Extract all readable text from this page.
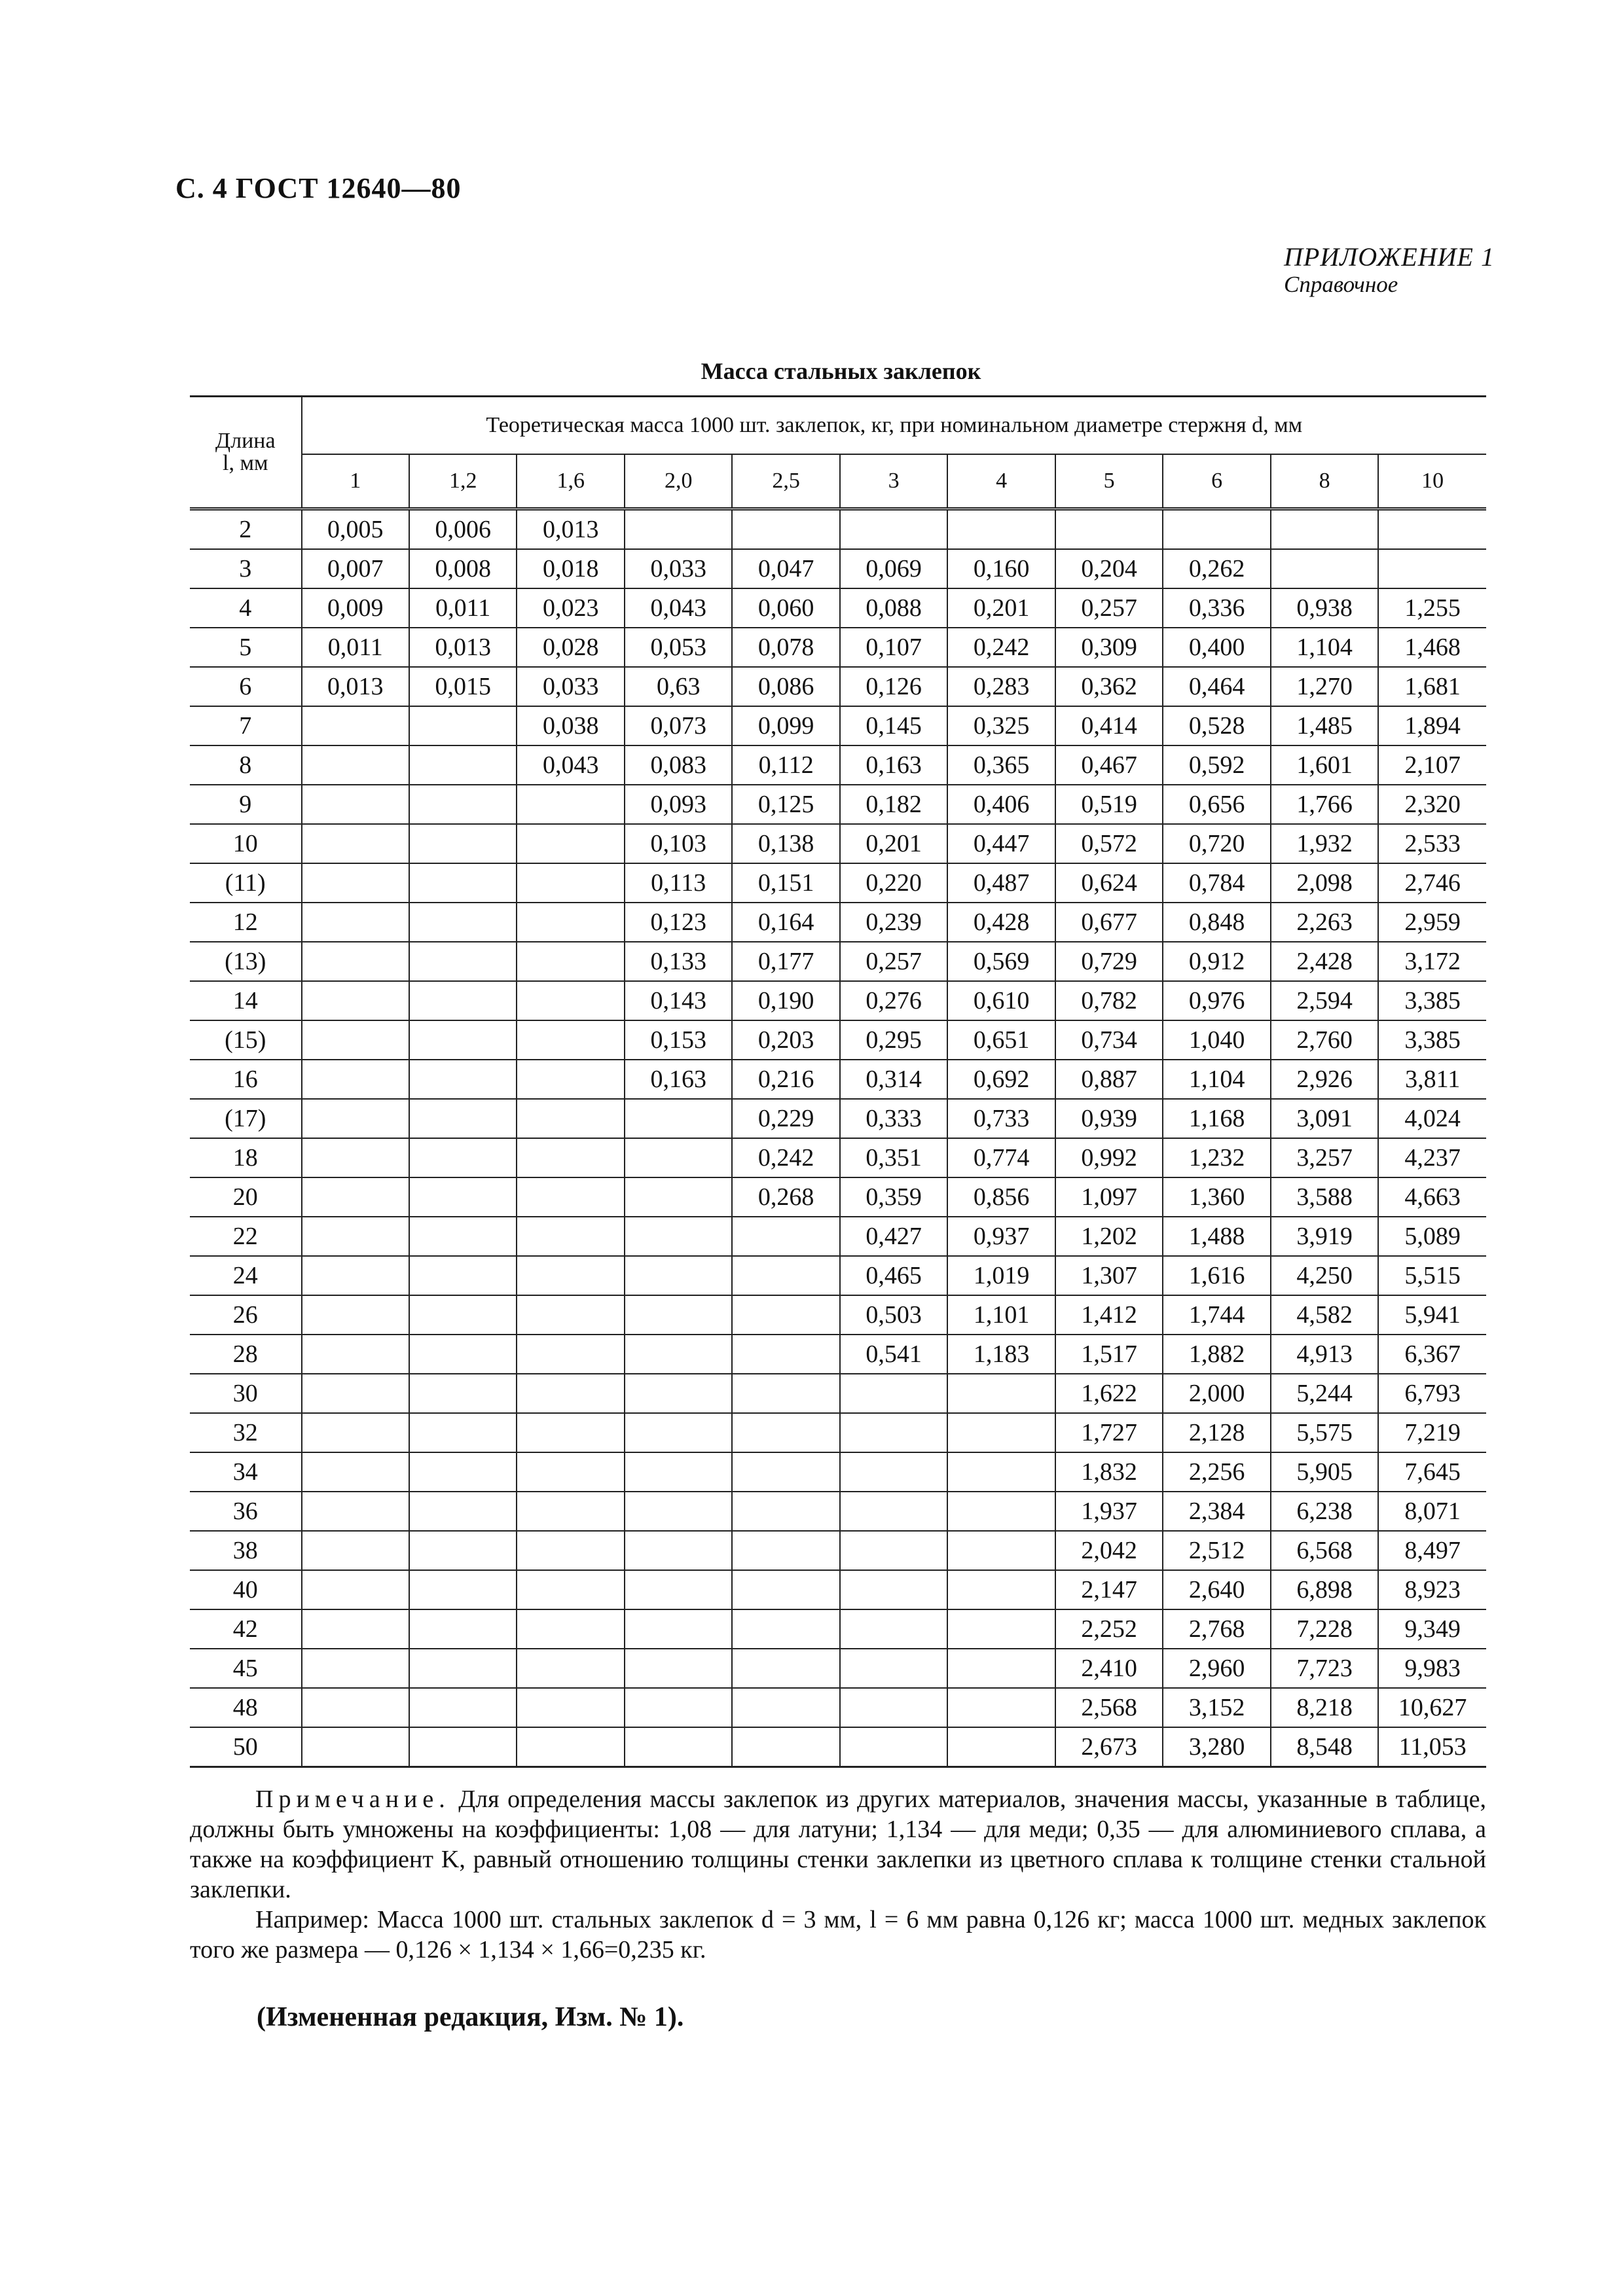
С. 4 ГОСТ 12640—80
ПРИЛОЖЕНИЕ 1
Справочное
Масса стальных заклепок
Длина
l, мм	Теоретическая масса 1000 шт. заклепок, кг, при номинальном диаметре стержня d, мм										
	1	1,2	1,6	2,0	2,5	3	4	5	6	8	10
2	0,005	0,006	0,013								
3	0,007	0,008	0,018	0,033	0,047	0,069	0,160	0,204	0,262		
4	0,009	0,011	0,023	0,043	0,060	0,088	0,201	0,257	0,336	0,938	1,255
5	0,011	0,013	0,028	0,053	0,078	0,107	0,242	0,309	0,400	1,104	1,468
6	0,013	0,015	0,033	0,63	0,086	0,126	0,283	0,362	0,464	1,270	1,681
7			0,038	0,073	0,099	0,145	0,325	0,414	0,528	1,485	1,894
8			0,043	0,083	0,112	0,163	0,365	0,467	0,592	1,601	2,107
9				0,093	0,125	0,182	0,406	0,519	0,656	1,766	2,320
10				0,103	0,138	0,201	0,447	0,572	0,720	1,932	2,533
(11)				0,113	0,151	0,220	0,487	0,624	0,784	2,098	2,746
12				0,123	0,164	0,239	0,428	0,677	0,848	2,263	2,959
(13)				0,133	0,177	0,257	0,569	0,729	0,912	2,428	3,172
14				0,143	0,190	0,276	0,610	0,782	0,976	2,594	3,385
(15)				0,153	0,203	0,295	0,651	0,734	1,040	2,760	3,385
16				0,163	0,216	0,314	0,692	0,887	1,104	2,926	3,811
(17)					0,229	0,333	0,733	0,939	1,168	3,091	4,024
18					0,242	0,351	0,774	0,992	1,232	3,257	4,237
20					0,268	0,359	0,856	1,097	1,360	3,588	4,663
22						0,427	0,937	1,202	1,488	3,919	5,089
24						0,465	1,019	1,307	1,616	4,250	5,515
26						0,503	1,101	1,412	1,744	4,582	5,941
28						0,541	1,183	1,517	1,882	4,913	6,367
30								1,622	2,000	5,244	6,793
32								1,727	2,128	5,575	7,219
34								1,832	2,256	5,905	7,645
36								1,937	2,384	6,238	8,071
38								2,042	2,512	6,568	8,497
40								2,147	2,640	6,898	8,923
42								2,252	2,768	7,228	9,349
45								2,410	2,960	7,723	9,983
48								2,568	3,152	8,218	10,627
50								2,673	3,280	8,548	11,053

Примечание. Для определения массы заклепок из других материалов, значения массы, указанные в таблице, должны быть умножены на коэффициенты: 1,08 — для латуни; 1,134 — для меди; 0,35 — для алюминиевого сплава, а также на коэффициент K, равный отношению толщины стенки заклепки из цветного сплава к толщине стенки стальной заклепки.

Например: Масса 1000 шт. стальных заклепок d = 3 мм, l = 6 мм равна 0,126 кг; масса 1000 шт. медных заклепок того же размера — 0,126 × 1,134 × 1,66=0,235 кг.

(Измененная редакция, Изм. № 1).
